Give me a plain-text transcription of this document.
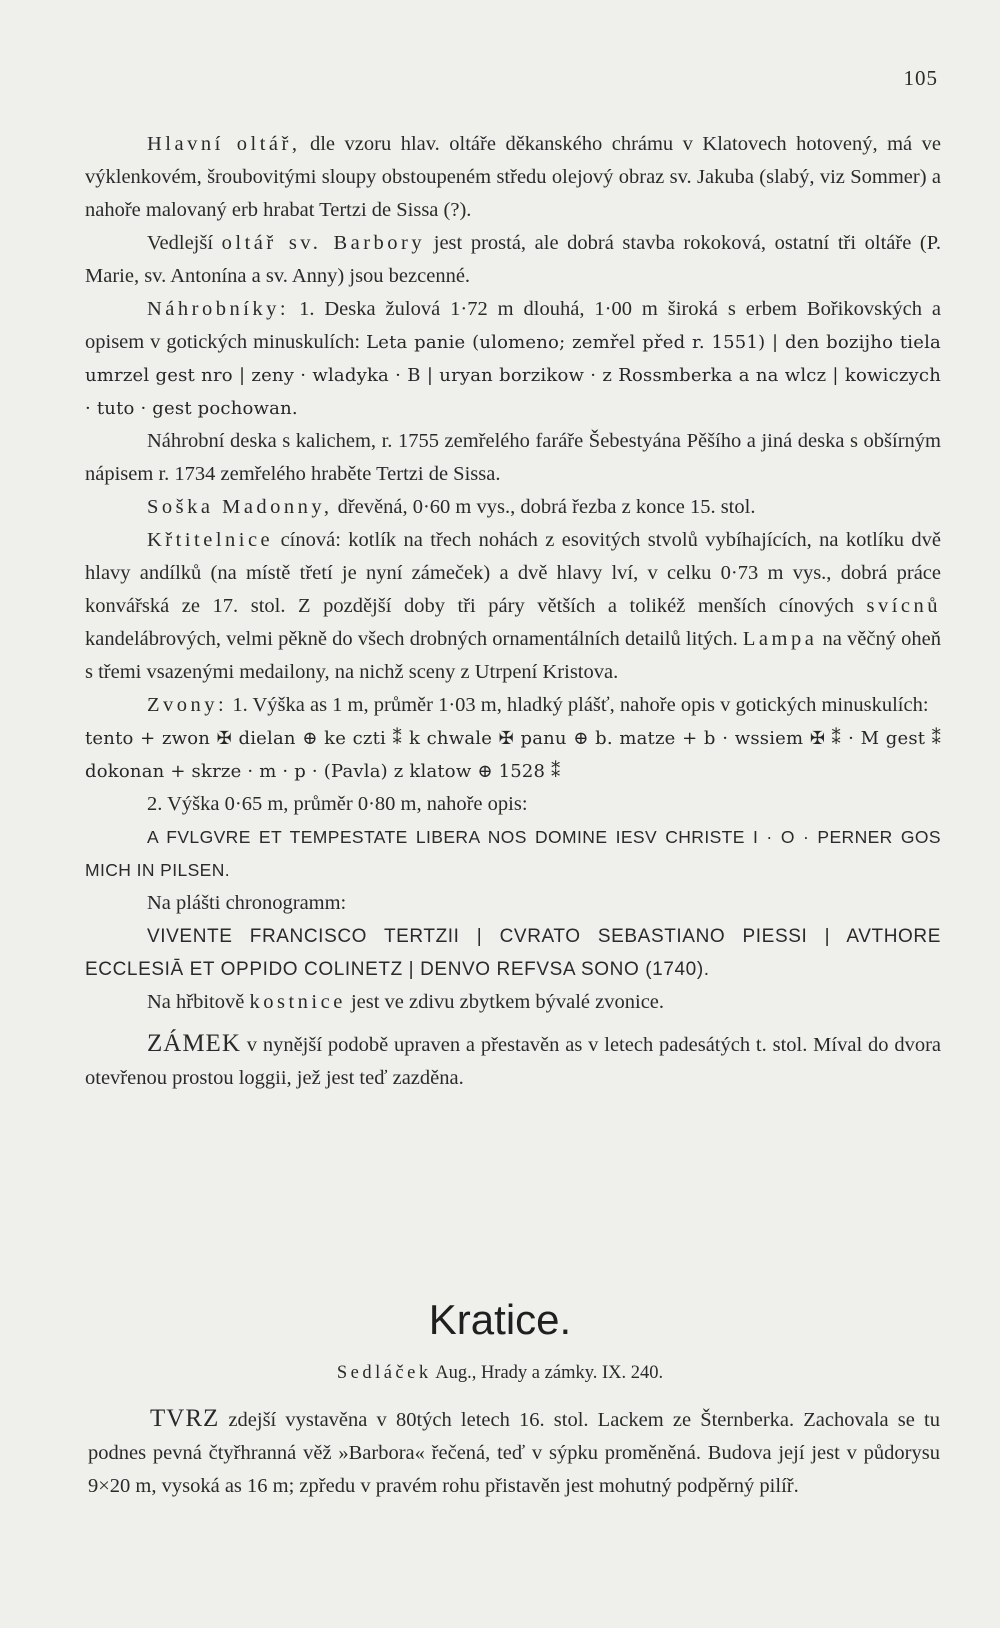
105

Hlavní oltář, dle vzoru hlav. oltáře děkanského chrámu v Klatovech hotovený, má ve výklenkovém, šroubovitými sloupy obstoupeném středu olejový obraz sv. Jakuba (slabý, viz Sommer) a nahoře malovaný erb hrabat Tertzi de Sissa (?).

Vedlejší oltář sv. Barbory jest prostá, ale dobrá stavba rokoková, ostatní tři oltáře (P. Marie, sv. Antonína a sv. Anny) jsou bezcenné.

Náhrobníky: 1. Deska žulová 1·72 m dlouhá, 1·00 m široká s erbem Bořikovských a opisem v gotických minuskulích: Leta panie (ulomeno; zemřel před r. 1551) | den bozijho tiela umrzel gest nro | zeny · wladyka · B | uryan borzikow · z Rossmberka a na wlcz | kowiczych · tuto · gest pochowan.

Náhrobní deska s kalichem, r. 1755 zemřelého faráře Šebestyána Pěšího a jiná deska s obšírným nápisem r. 1734 zemřelého hraběte Tertzi de Sissa.

Soška Madonny, dřevěná, 0·60 m vys., dobrá řezba z konce 15. stol.

Křtitelnice cínová: kotlík na třech nohách z esovitých stvolů vybíhajících, na kotlíku dvě hlavy andílků (na místě třetí je nyní zámeček) a dvě hlavy lví, v celku 0·73 m vys., dobrá práce konvářská ze 17. stol. Z pozdější doby tři páry větších a tolikéž menších cínových svícnů kandelábrových, velmi pěkně do všech drobných ornamentálních detailů litých. Lampa na věčný oheň s třemi vsazenými medailony, na nichž sceny z Utrpení Kristova.

Zvony: 1. Výška as 1 m, průměr 1·03 m, hladký plášť, nahoře opis v gotických minuskulích:

tento + zwon ✠ dielan ⊕ ke czti ⁑ k chwale ✠ panu ⊕ b. matze + b · wssiem ✠ ⁑ · M gest ⁑ dokonan + skrze · m · p · (Pavla) z klatow ⊕ 1528 ⁑

2. Výška 0·65 m, průměr 0·80 m, nahoře opis:

A FVLGVRE ET TEMPESTATE LIBERA NOS DOMINE IESV CHRISTE I · O · PERNER GOS MICH IN PILSEN.

Na plášti chronogramm:

VIVENTE FRANCISCO TERTZII | CVRATO SEBASTIANO PIESSI | AVTHORE ECCLESIĀ ET OPPIDO COLINETZ | DENVO REFVSA SONO (1740).

Na hřbitově kostnice jest ve zdivu zbytkem bývalé zvonice.

ZÁMEK v nynější podobě upraven a přestavěn as v letech padesátých t. stol. Míval do dvora otevřenou prostou loggii, jež jest teď zazděna.

Kratice.
Sedláček Aug., Hrady a zámky. IX. 240.

TVRZ zdejší vystavěna v 80tých letech 16. stol. Lackem ze Šternberka. Zachovala se tu podnes pevná čtyřhranná věž »Barbora« řečená, teď v sýpku proměněná. Budova její jest v půdorysu 9×20 m, vysoká as 16 m; zpředu v pravém rohu přistavěn jest mohutný podpěrný pilíř.
